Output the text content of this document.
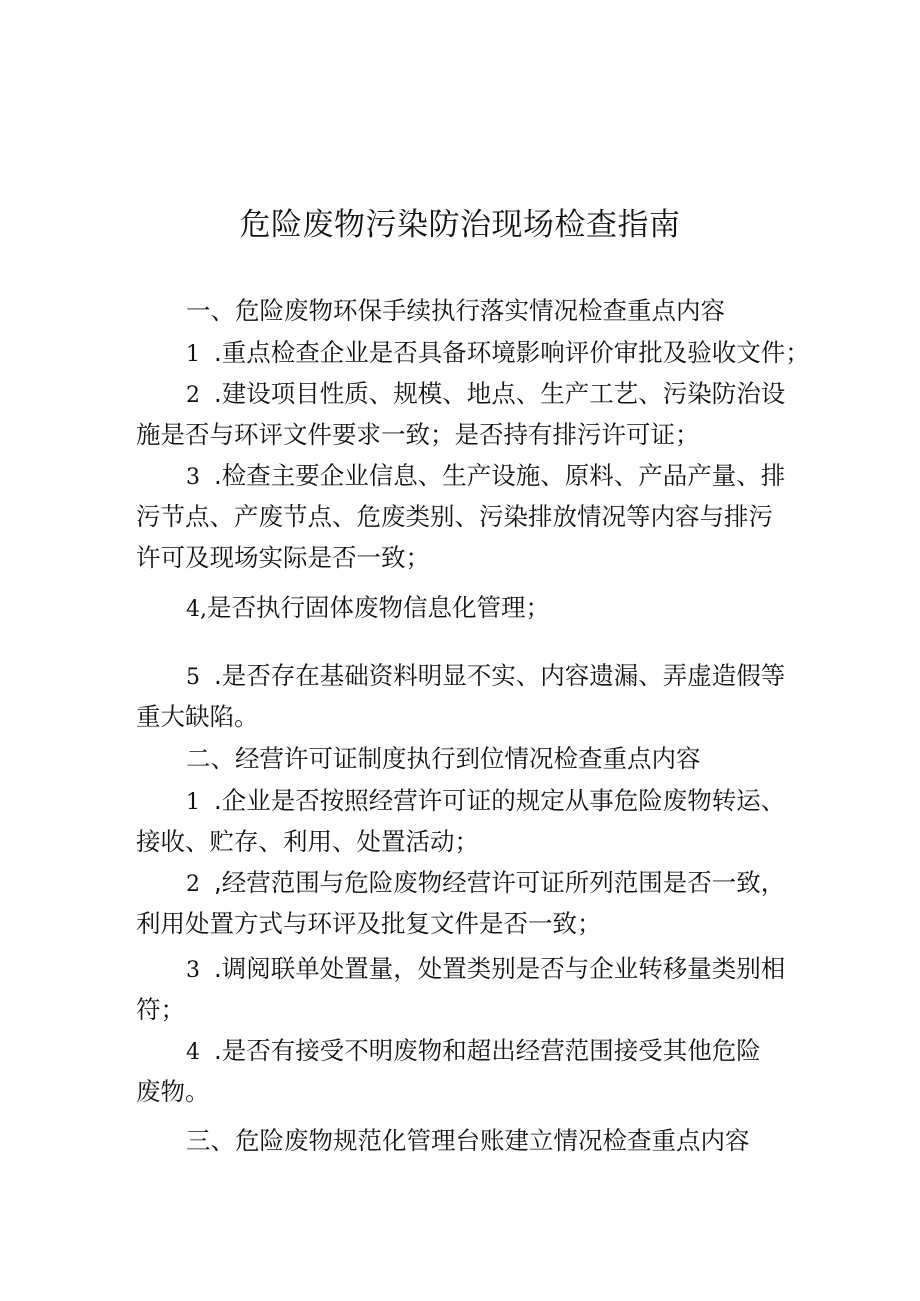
危险废物污染防治现场检查指南

一、危险废物环保手续执行落实情况检查重点内容

1 .重点检查企业是否具备环境影响评价审批及验收文件；

2 .建设项目性质、规模、地点、生产工艺、污染防治设

施是否与环评文件要求一致；是否持有排污许可证；

3 .检查主要企业信息、生产设施、原料、产品产量、排

污节点、产废节点、危废类别、污染排放情况等内容与排污

许可及现场实际是否一致；

4,是否执行固体废物信息化管理；

5 .是否存在基础资料明显不实、内容遗漏、弄虚造假等

重大缺陷。

二、经营许可证制度执行到位情况检查重点内容

1 .企业是否按照经营许可证的规定从事危险废物转运、

接收、贮存、利用、处置活动；

2 ,经营范围与危险废物经营许可证所列范围是否一致，

利用处置方式与环评及批复文件是否一致；

3 .调阅联单处置量，处置类别是否与企业转移量类别相

符；

4 .是否有接受不明废物和超出经营范围接受其他危险

废物。

三、危险废物规范化管理台账建立情况检查重点内容
